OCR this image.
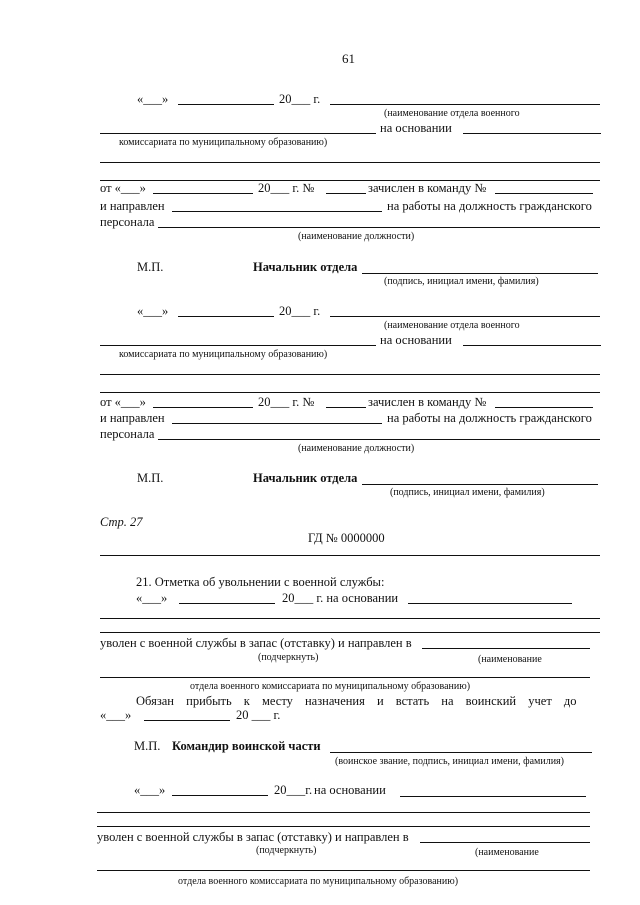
61
«___»	20___ г.
(наименование отдела военного
на основании
комиссариата по муниципальному образованию)
от «___»	20___ г. №	зачислен в команду №
и направлен	на работы на должность гражданского
персонала
(наименование должности)
М.П.	Начальник отдела
(подпись, инициал имени, фамилия)
«___»	20___ г.
(наименование отдела военного
на основании
комиссариата по муниципальному образованию)
от «___»	20___ г. №	зачислен в команду №
и направлен	на работы на должность гражданского
персонала
(наименование должности)
М.П.	Начальник отдела
(подпись, инициал имени, фамилия)
Стр. 27
ГД № 0000000
21. Отметка об увольнении с военной службы:
«___»	20___ г. на основании
уволен с военной службы в запас (отставку) и направлен в
(подчеркнуть)	(наименование
отдела военного комиссариата по муниципальному образованию)
Обязан прибыть к месту назначения и встать на воинский учет до
«___»	20 ___ г.
М.П. Командир воинской части
(воинское звание, подпись, инициал имени, фамилия)
«___»	20___г. на основании
уволен с военной службы в запас (отставку) и направлен в
(подчеркнуть)	(наименование
отдела военного комиссариата по муниципальному образованию)
